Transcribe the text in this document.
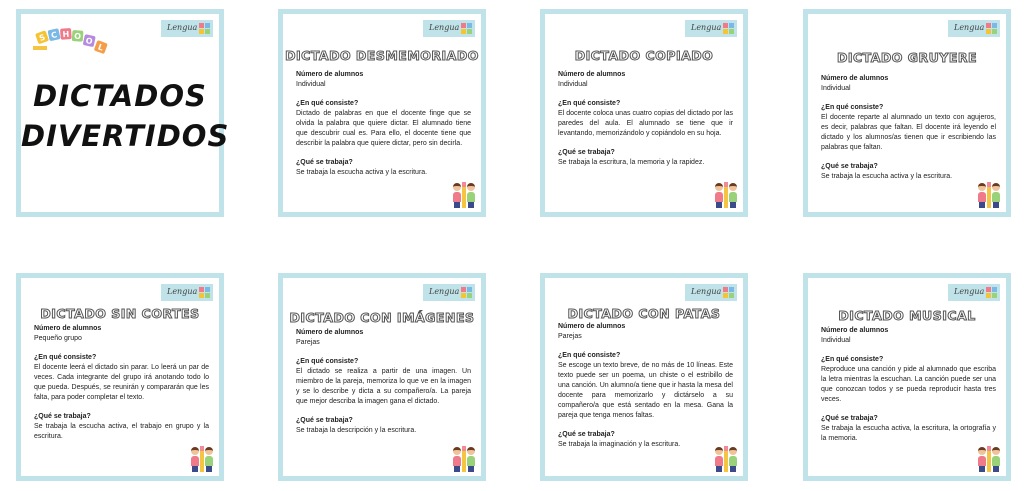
Lengua
S C H O O
L
DICTADOS
DIVERTIDOS
Lengua
DICTADO DESMEMORIADO
Número de alumnos

Individual

¿En qué consiste?

Dictado de palabras en que el docente finge que se olvida la palabra que quiere dictar. El alumnado tiene que descubrir cual es. Para ello, el docente tiene que describir la palabra que quiere dictar, pero sin decirla.

¿Qué se trabaja?

Se trabaja la escucha activa y la escritura.

Lengua
DICTADO COPIADO
Número de alumnos

Individual

¿En qué consiste?

El docente coloca unas cuatro copias del dictado por las paredes del aula. El alumnado se tiene que ir levantando, memorizándolo y copiándolo en su hoja.

¿Qué se trabaja?

Se trabaja la escritura, la memoria y la rapidez.

Lengua
DICTADO GRUYERE
Número de alumnos

Individual

¿En qué consiste?

El docente reparte al alumnado un texto con agujeros, es decir, palabras que faltan. El docente irá leyendo el dictado y los alumnos/as tienen que ir escribiendo las palabras que faltan.

¿Qué se trabaja?

Se trabaja la escucha activa y la escritura.

Lengua
DICTADO SIN CORTES
Número de alumnos

Pequeño grupo

¿En qué consiste?

El docente leerá el dictado sin parar. Lo leerá un par de veces. Cada integrante del grupo irá anotando todo lo que pueda. Después, se reunirán y compararán que les falta, para poder completar el texto.

¿Qué se trabaja?

Se trabaja la escucha activa, el trabajo en grupo y la escritura.

Lengua
DICTADO CON IMÁGENES
Número de alumnos

Parejas

¿En qué consiste?

El dictado se realiza a partir de una imagen. Un miembro de la pareja, memoriza lo que ve en la imagen y se lo describe y dicta a su compañero/a. La pareja que mejor describa la imagen gana el dictado.

¿Qué se trabaja?

Se trabaja la descripción y la escritura.

Lengua
DICTADO CON PATAS
Número de alumnos

Parejas

¿En qué consiste?

Se escoge un texto breve, de no más de 10 líneas. Este texto puede ser un poema, un chiste o el estribillo de una canción. Un alumno/a tiene que ir hasta la mesa del docente para memorizarlo y dictárselo a su compañero/a que está sentado en la mesa. Gana la pareja que tenga menos faltas.

¿Qué se trabaja?

Se trabaja la imaginación y la escritura.

Lengua
DICTADO MUSICAL
Número de alumnos

Individual

¿En qué consiste?

Reproduce una canción y pide al alumnado que escriba la letra mientras la escuchan. La canción puede ser una que conozcan todos y se pueda reproducir hasta tres veces.

¿Qué se trabaja?

Se trabaja la escucha activa, la escritura, la ortografía y la memoria.
